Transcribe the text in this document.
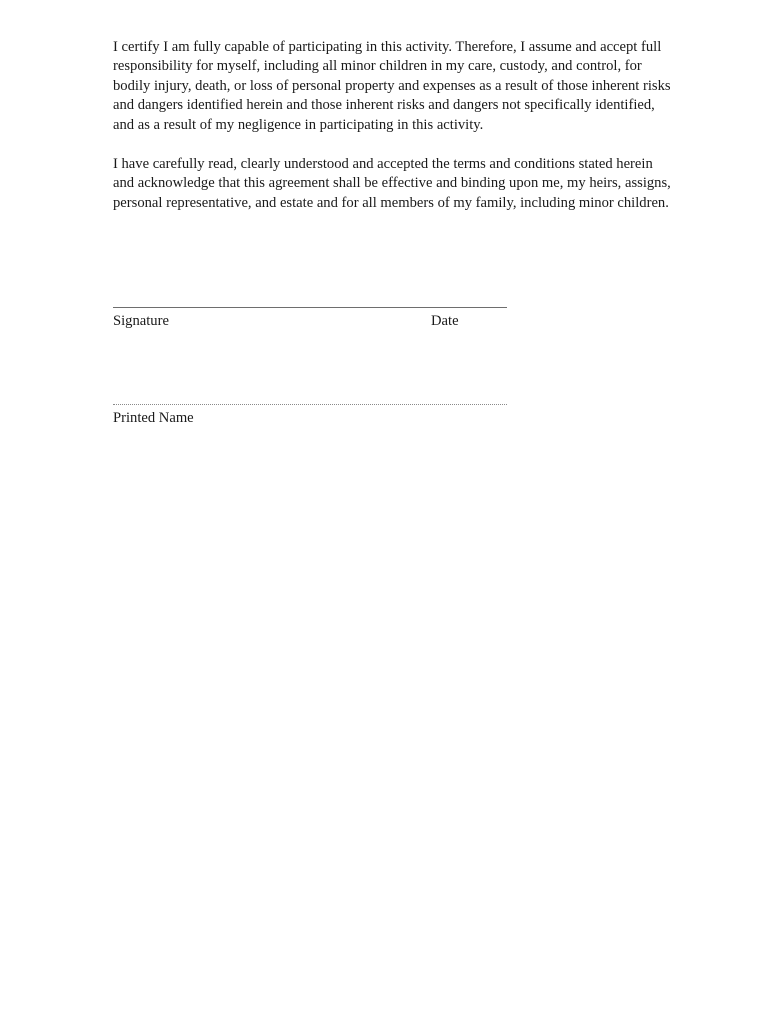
I certify I am fully capable of participating in this activity. Therefore, I assume and accept full responsibility for myself, including all minor children in my care, custody, and control, for bodily injury, death, or loss of personal property and expenses as a result of those inherent risks and dangers identified herein and those inherent risks and dangers not specifically identified, and as a result of my negligence in participating in this activity.

I have carefully read, clearly understood and accepted the terms and conditions stated herein and acknowledge that this agreement shall be effective and binding upon me, my heirs, assigns, personal representative, and estate and for all members of my family, including minor children.

Signature	Date

Printed Name
